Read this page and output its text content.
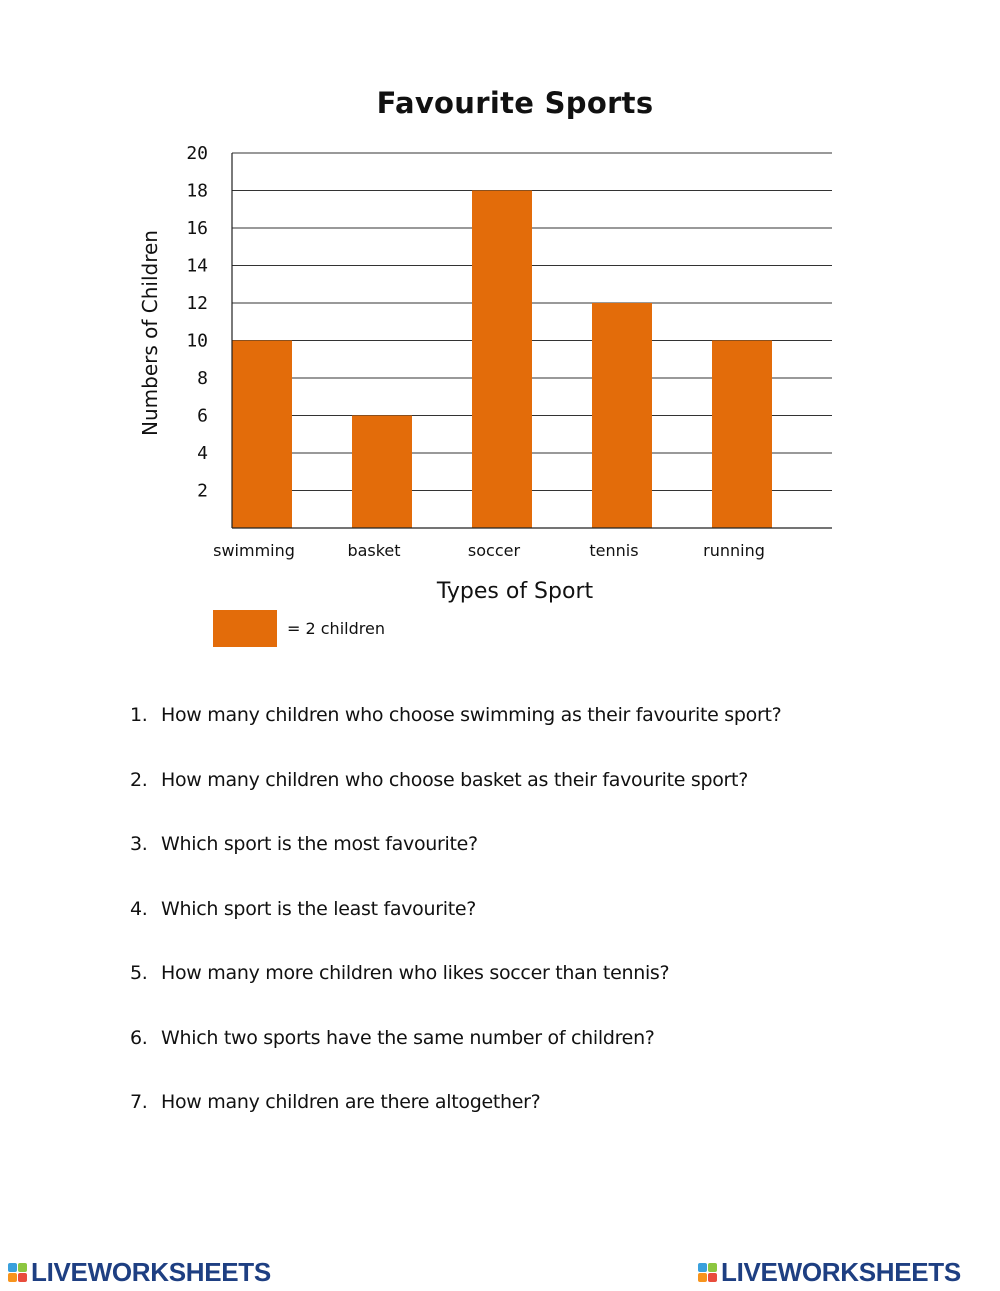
Favourite Sports
2
4
6
8
10
12
14
16
18
20
swimming	basket	soccer	tennis	running
Types of Sport
Numbers of Children
= 2 children
1. How many children who choose swimming as their favourite sport?
2. How many children who choose basket as their favourite sport?
3. Which sport is the most favourite?
4. Which sport is the least favourite?
5. How many more children who likes soccer than tennis?
6. Which two sports have the same number of children?
7. How many children are there altogether?
LIVEWORKSHEETS	LIVEWORKSHEETS
